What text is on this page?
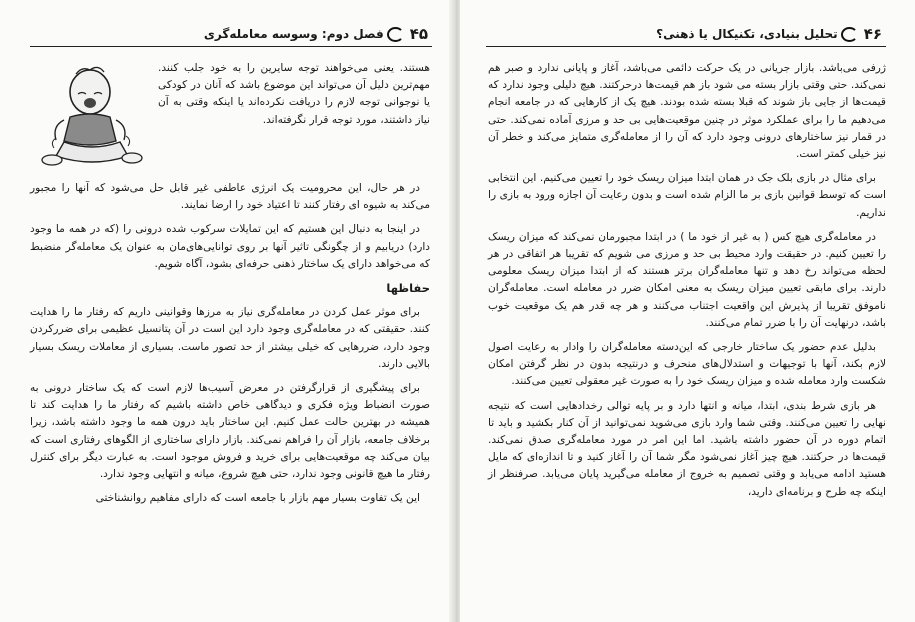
۴۵
فصل دوم: وسوسه معامله‌گری

هستند. یعنی می‌خواهند توجه سایرین را به خود جلب کنند. مهم‌ترین دلیل آن می‌تواند این موضوع باشد که آنان در کودکی یا نوجوانی توجه لازم را دریافت نکرده‌اند یا اینکه وقتی به آن نیاز داشتند، مورد توجه قرار نگرفته‌اند.

در هر حال، این محرومیت یک انرژی عاطفی غیر قابل حل می‌شود که آنها را مجبور می‌کند به شیوه ای رفتار کنند تا اعتیاد خود را ارضا نمایند.

در اینجا به دنبال این هستیم که این تمایلات سرکوب شده درونی را (که در همه ما وجود دارد) دریابیم و از چگونگی تاثیر آنها بر روی توانایی‌های‌مان به عنوان یک معامله‌گر منضبط که می‌خواهد دارای یک ساختار ذهنی حرفه‌ای بشود، آگاه شویم.

حفاظها

برای موثر عمل کردن در معامله‌گری نیاز به مرزها وقوانینی داریم که رفتار ما را هدایت کنند. حقیقتی که در معامله‌گری وجود دارد این است در آن پتانسیل عظیمی برای ضررکردن وجود دارد، ضررهایی که خیلی بیشتر از حد تصور ماست. بسیاری از معاملات ریسک بسیار بالایی دارند.

برای پیشگیری از قرارگرفتن در معرض آسیب‌ها لازم است که یک ساختار درونی به صورت انضباط ویژه فکری و دیدگاهی خاص داشته باشیم که رفتار ما را هدایت کند تا همیشه در بهترین حالت عمل کنیم. این ساختار باید درون همه ما وجود داشته باشد، زیرا برخلاف جامعه، بازار آن را فراهم نمی‌کند. بازار دارای ساختاری از الگوهای رفتاری است که بیان می‌کند چه موقعیت‌هایی برای خرید و فروش موجود است. به عبارت دیگر برای کنترل رفتار ما هیچ قانونی وجود ندارد، حتی هیچ شروع، میانه و انتهایی وجود ندارد.

این یک تفاوت بسیار مهم بازار با جامعه است که دارای مفاهیم روانشناختی

۴۶
تحلیل بنیادی، تکنیکال یا ذهنی؟

ژرفی می‌باشد. بازار جریانی در یک حرکت دائمی می‌باشد، آغاز و پایانی ندارد و صبر هم نمی‌کند. حتی وقتی بازار بسته می شود باز هم قیمت‌ها درحرکتند. هیچ دلیلی وجود ندارد که قیمت‌ها از جایی باز شوند که قبلا بسته شده بودند. هیچ یک از کارهایی که در جامعه انجام می‌دهیم ما را برای عملکرد موثر در چنین موقعیت‌هایی بی حد و مرزی آماده نمی‌کند. حتی در قمار نیز ساختارهای درونی وجود دارد که آن را از معامله‌گری متمایز می‌کند و خطر آن نیز خیلی کمتر است.

برای مثال در بازی بلک جک در همان ابتدا میزان ریسک خود را تعیین می‌کنیم. این انتخابی است که توسط قوانین بازی بر ما الزام شده است و بدون رعایت آن اجازه ورود به بازی را نداریم.

در معامله‌گری هیچ کس ( به غیر از خود ما ) در ابتدا مجبورمان نمی‌کند که میزان ریسک را تعیین کنیم. در حقیقت وارد محیط بی حد و مرزی می شویم که تقریبا هر اتفاقی در هر لحظه می‌تواند رخ دهد و تنها معامله‌گران برتر هستند که از ابتدا میزان ریسک معلومی دارند. برای مابقی تعیین میزان ریسک به معنی امکان ضرر در معامله است. معامله‌گران ناموفق تقریبا از پذیرش این واقعیت اجتناب می‌کنند و هر چه قدر هم یک موقعیت خوب باشد، درنهایت آن را با ضرر تمام می‌کنند.

بدلیل عدم حضور یک ساختار خارجی که این‌دسته معامله‌گران را وادار به رعایت اصول لازم بکند، آنها با توجیهات و استدلال‌های منحرف و درنتیجه بدون در نظر گرفتن امکان شکست وارد معامله شده و میزان ریسک خود را به صورت غیر معقولی تعیین می‌کنند.

هر بازی شرط بندی، ابتدا، میانه و انتها دارد و بر پایه توالی رخدادهایی است که نتیجه نهایی را تعیین می‌کنند. وقتی شما وارد بازی می‌شوید نمی‌توانید از آن کنار بکشید و باید تا اتمام دوره در آن حضور داشته باشید. اما این امر در مورد معامله‌گری صدق نمی‌کند. قیمت‌ها در حرکتند. هیچ چیز آغاز نمی‌شود مگر شما آن را آغاز کنید و تا اندازه‌ای که مایل هستید ادامه می‌یابد و وقتی تصمیم به خروج از معامله می‌گیرید پایان می‌یابد. صرفنظر از اینکه چه طرح و برنامه‌ای دارید،
